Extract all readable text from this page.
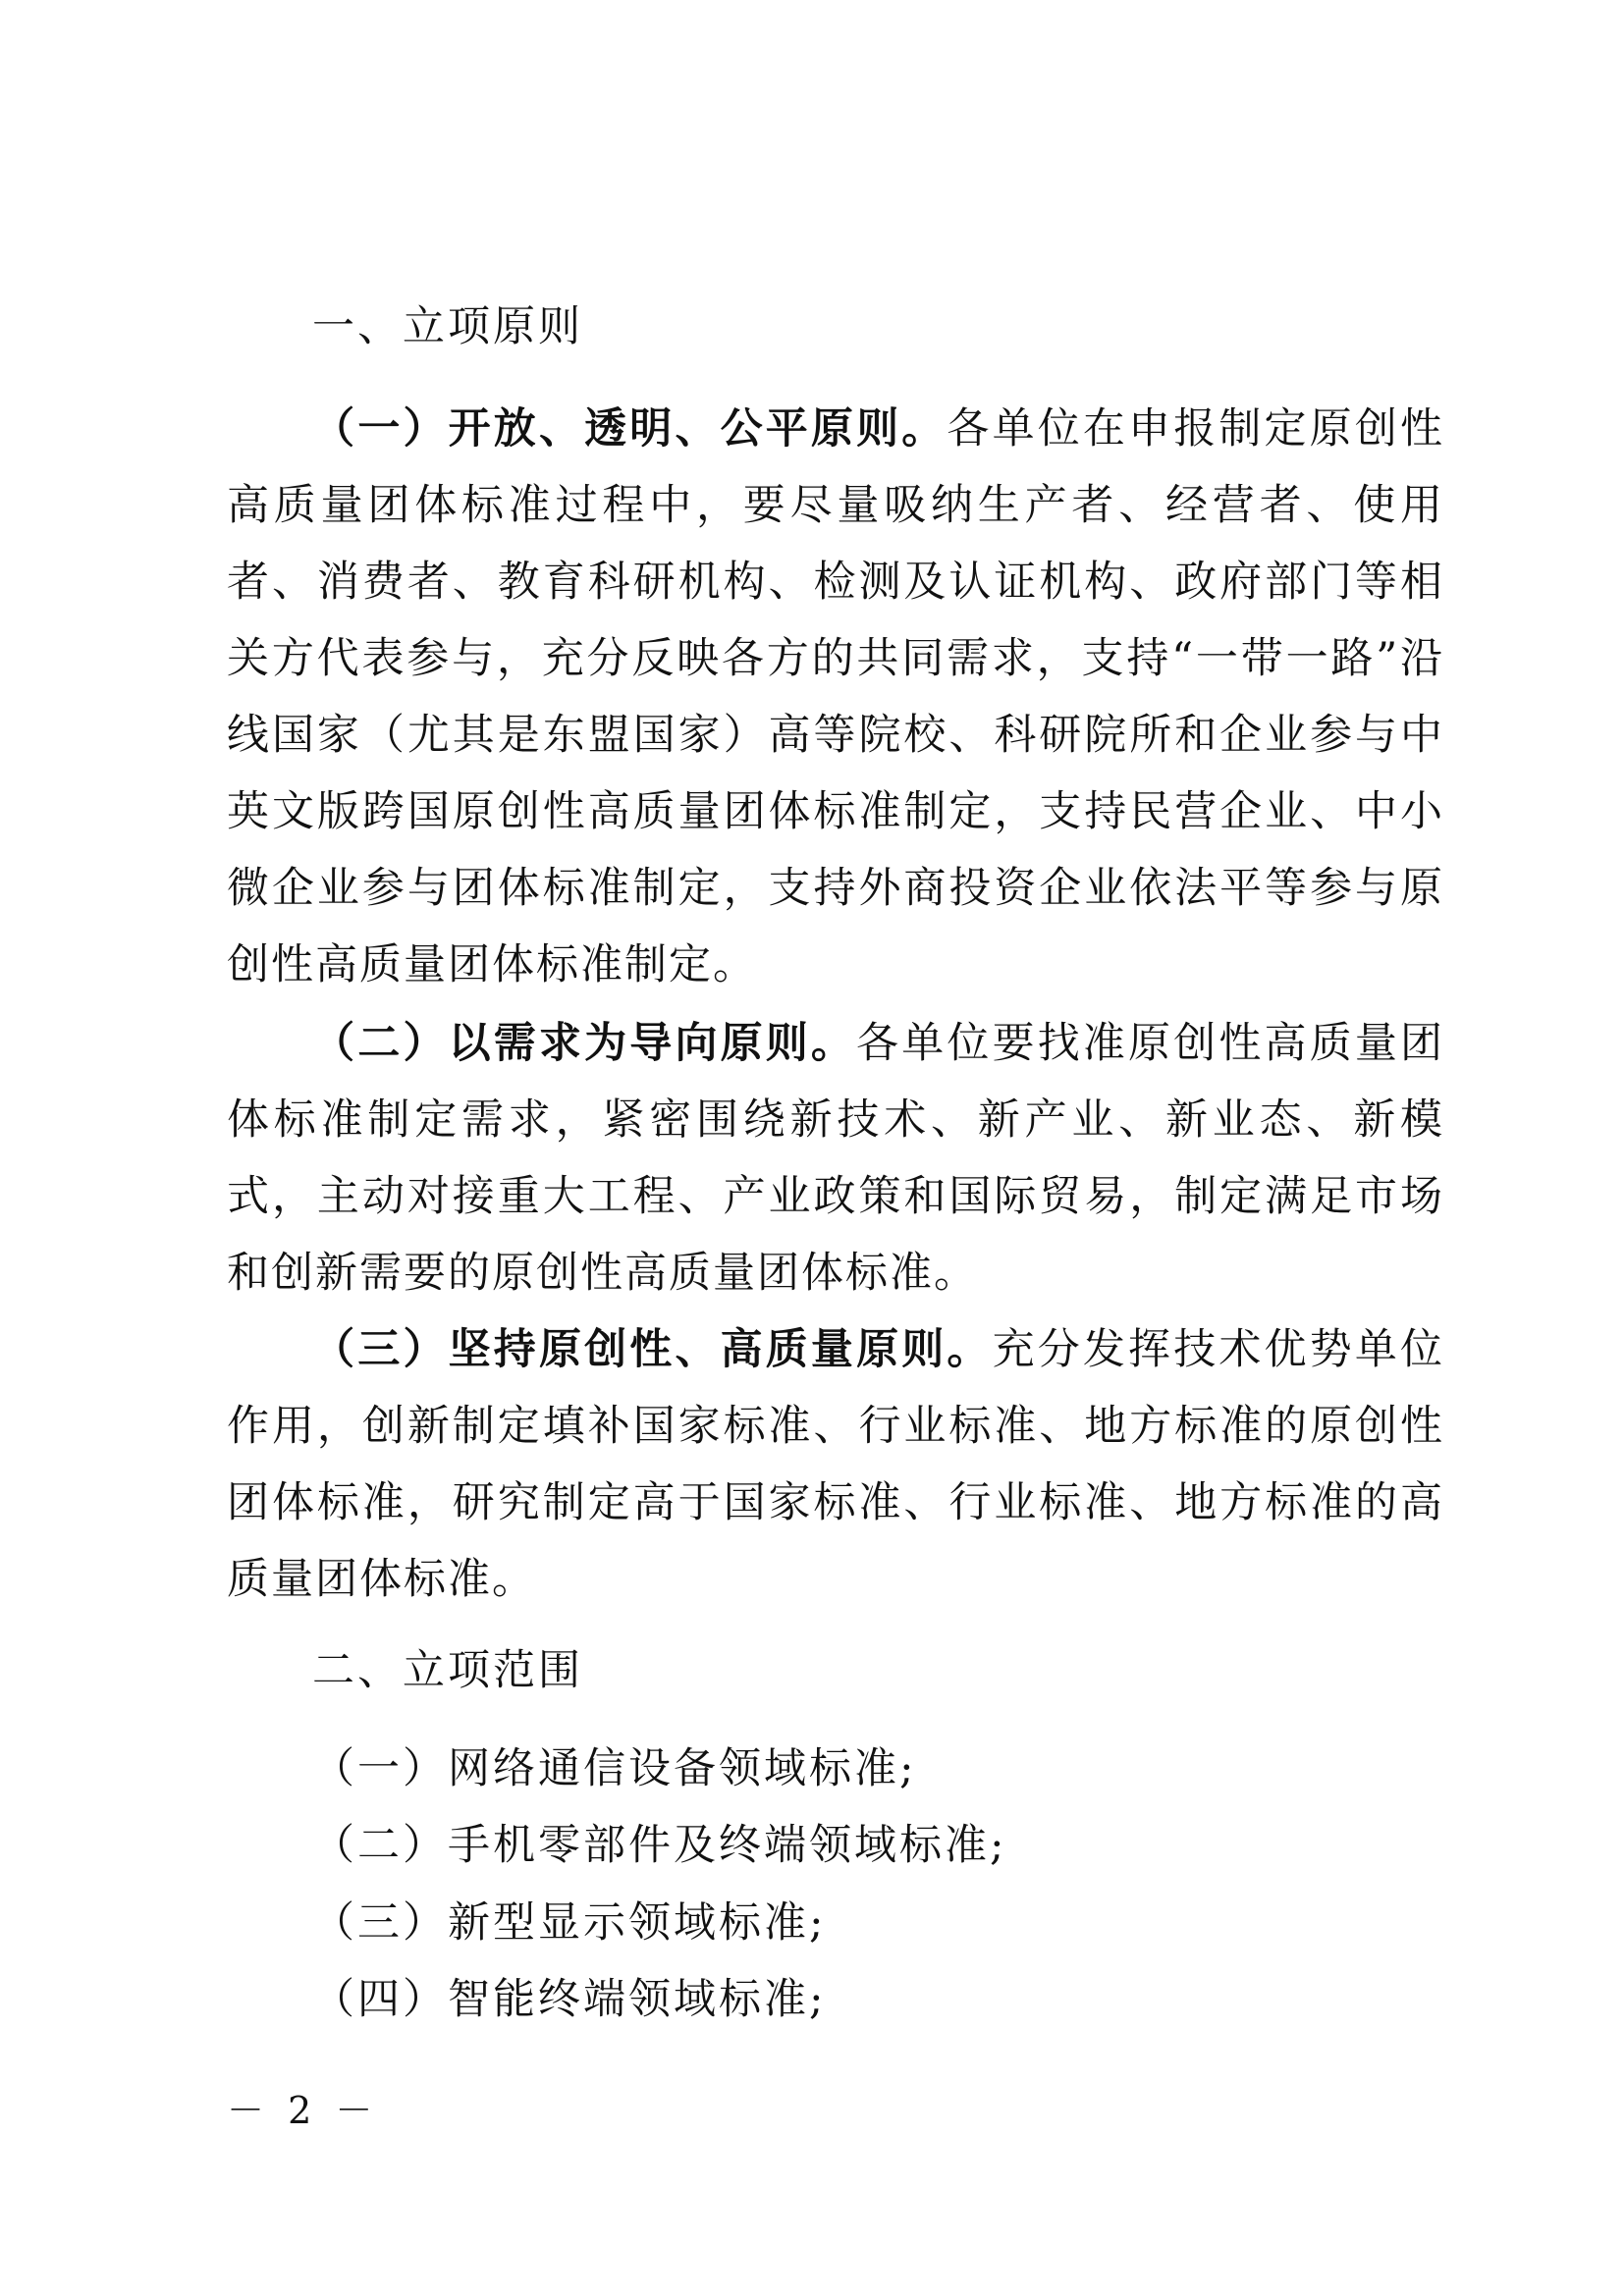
一、立项原则

（一）开放、透明、公平原则。各单位在申报制定原创性高质量团体标准过程中，要尽量吸纳生产者、经营者、使用者、消费者、教育科研机构、检测及认证机构、政府部门等相关方代表参与，充分反映各方的共同需求，支持“一带一路”沿线国家（尤其是东盟国家）高等院校、科研院所和企业参与中英文版跨国原创性高质量团体标准制定，支持民营企业、中小微企业参与团体标准制定，支持外商投资企业依法平等参与原创性高质量团体标准制定。

（二）以需求为导向原则。各单位要找准原创性高质量团体标准制定需求，紧密围绕新技术、新产业、新业态、新模式，主动对接重大工程、产业政策和国际贸易，制定满足市场和创新需要的原创性高质量团体标准。

（三）坚持原创性、高质量原则。充分发挥技术优势单位作用，创新制定填补国家标准、行业标准、地方标准的原创性团体标准，研究制定高于国家标准、行业标准、地方标准的高质量团体标准。

二、立项范围
（一）网络通信设备领域标准;
（二）手机零部件及终端领域标准;
（三）新型显示领域标准;
（四）智能终端领域标准;
－ 2 －
